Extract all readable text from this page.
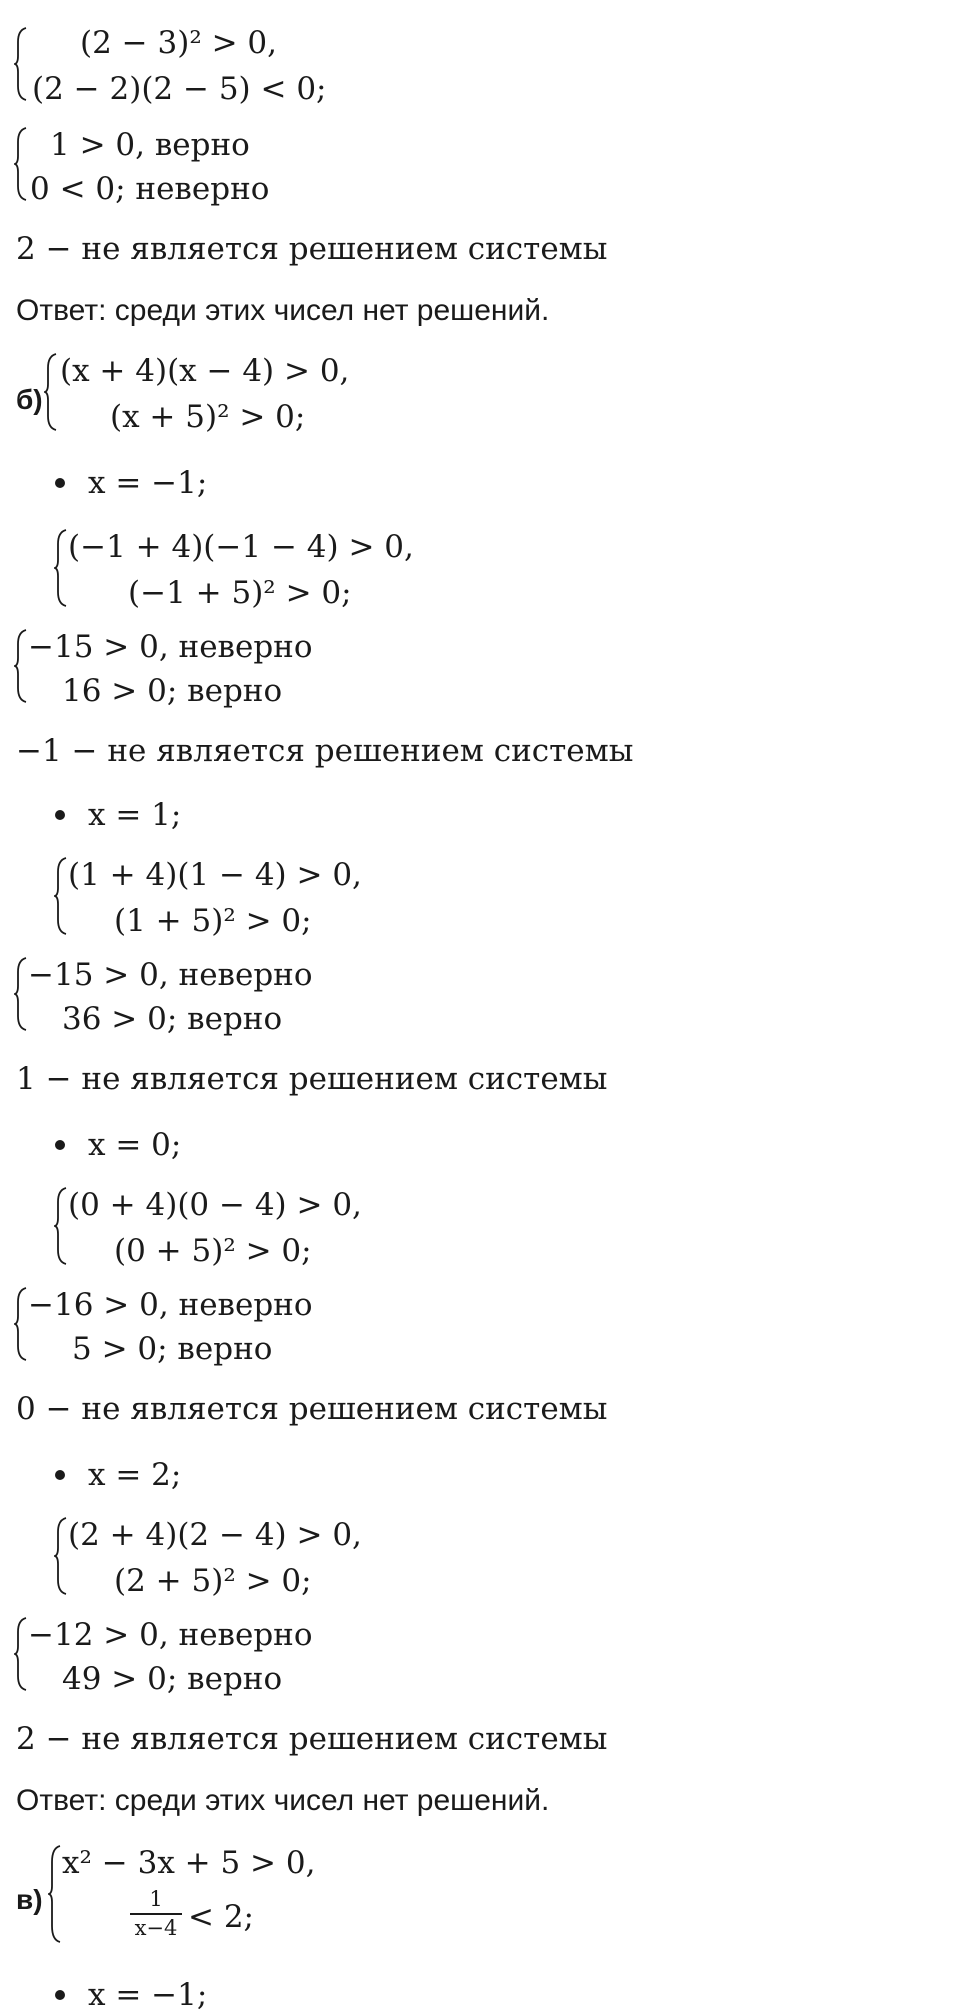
(2 − 3)² > 0,
(2 − 2)(2 − 5) < 0;
1 > 0, верно
0 < 0; неверно
2 − не является решением системы
Ответ: среди этих чисел нет решений.
б)
(x + 4)(x − 4) > 0,
(x + 5)² > 0;
x = −1;
(−1 + 4)(−1 − 4) > 0,
(−1 + 5)² > 0;
−15 > 0, неверно
16 > 0; верно
−1 − не является решением системы
x = 1;
(1 + 4)(1 − 4) > 0,
(1 + 5)² > 0;
−15 > 0, неверно
36 > 0; верно
1 − не является решением системы
x = 0;
(0 + 4)(0 − 4) > 0,
(0 + 5)² > 0;
−16 > 0, неверно
5 > 0; верно
0 − не является решением системы
x = 2;
(2 + 4)(2 − 4) > 0,
(2 + 5)² > 0;
−12 > 0, неверно
49 > 0; верно
2 − не является решением системы
Ответ: среди этих чисел нет решений.
в)
x² − 3x + 5 > 0,
1
x−4 < 2;
x = −1;
